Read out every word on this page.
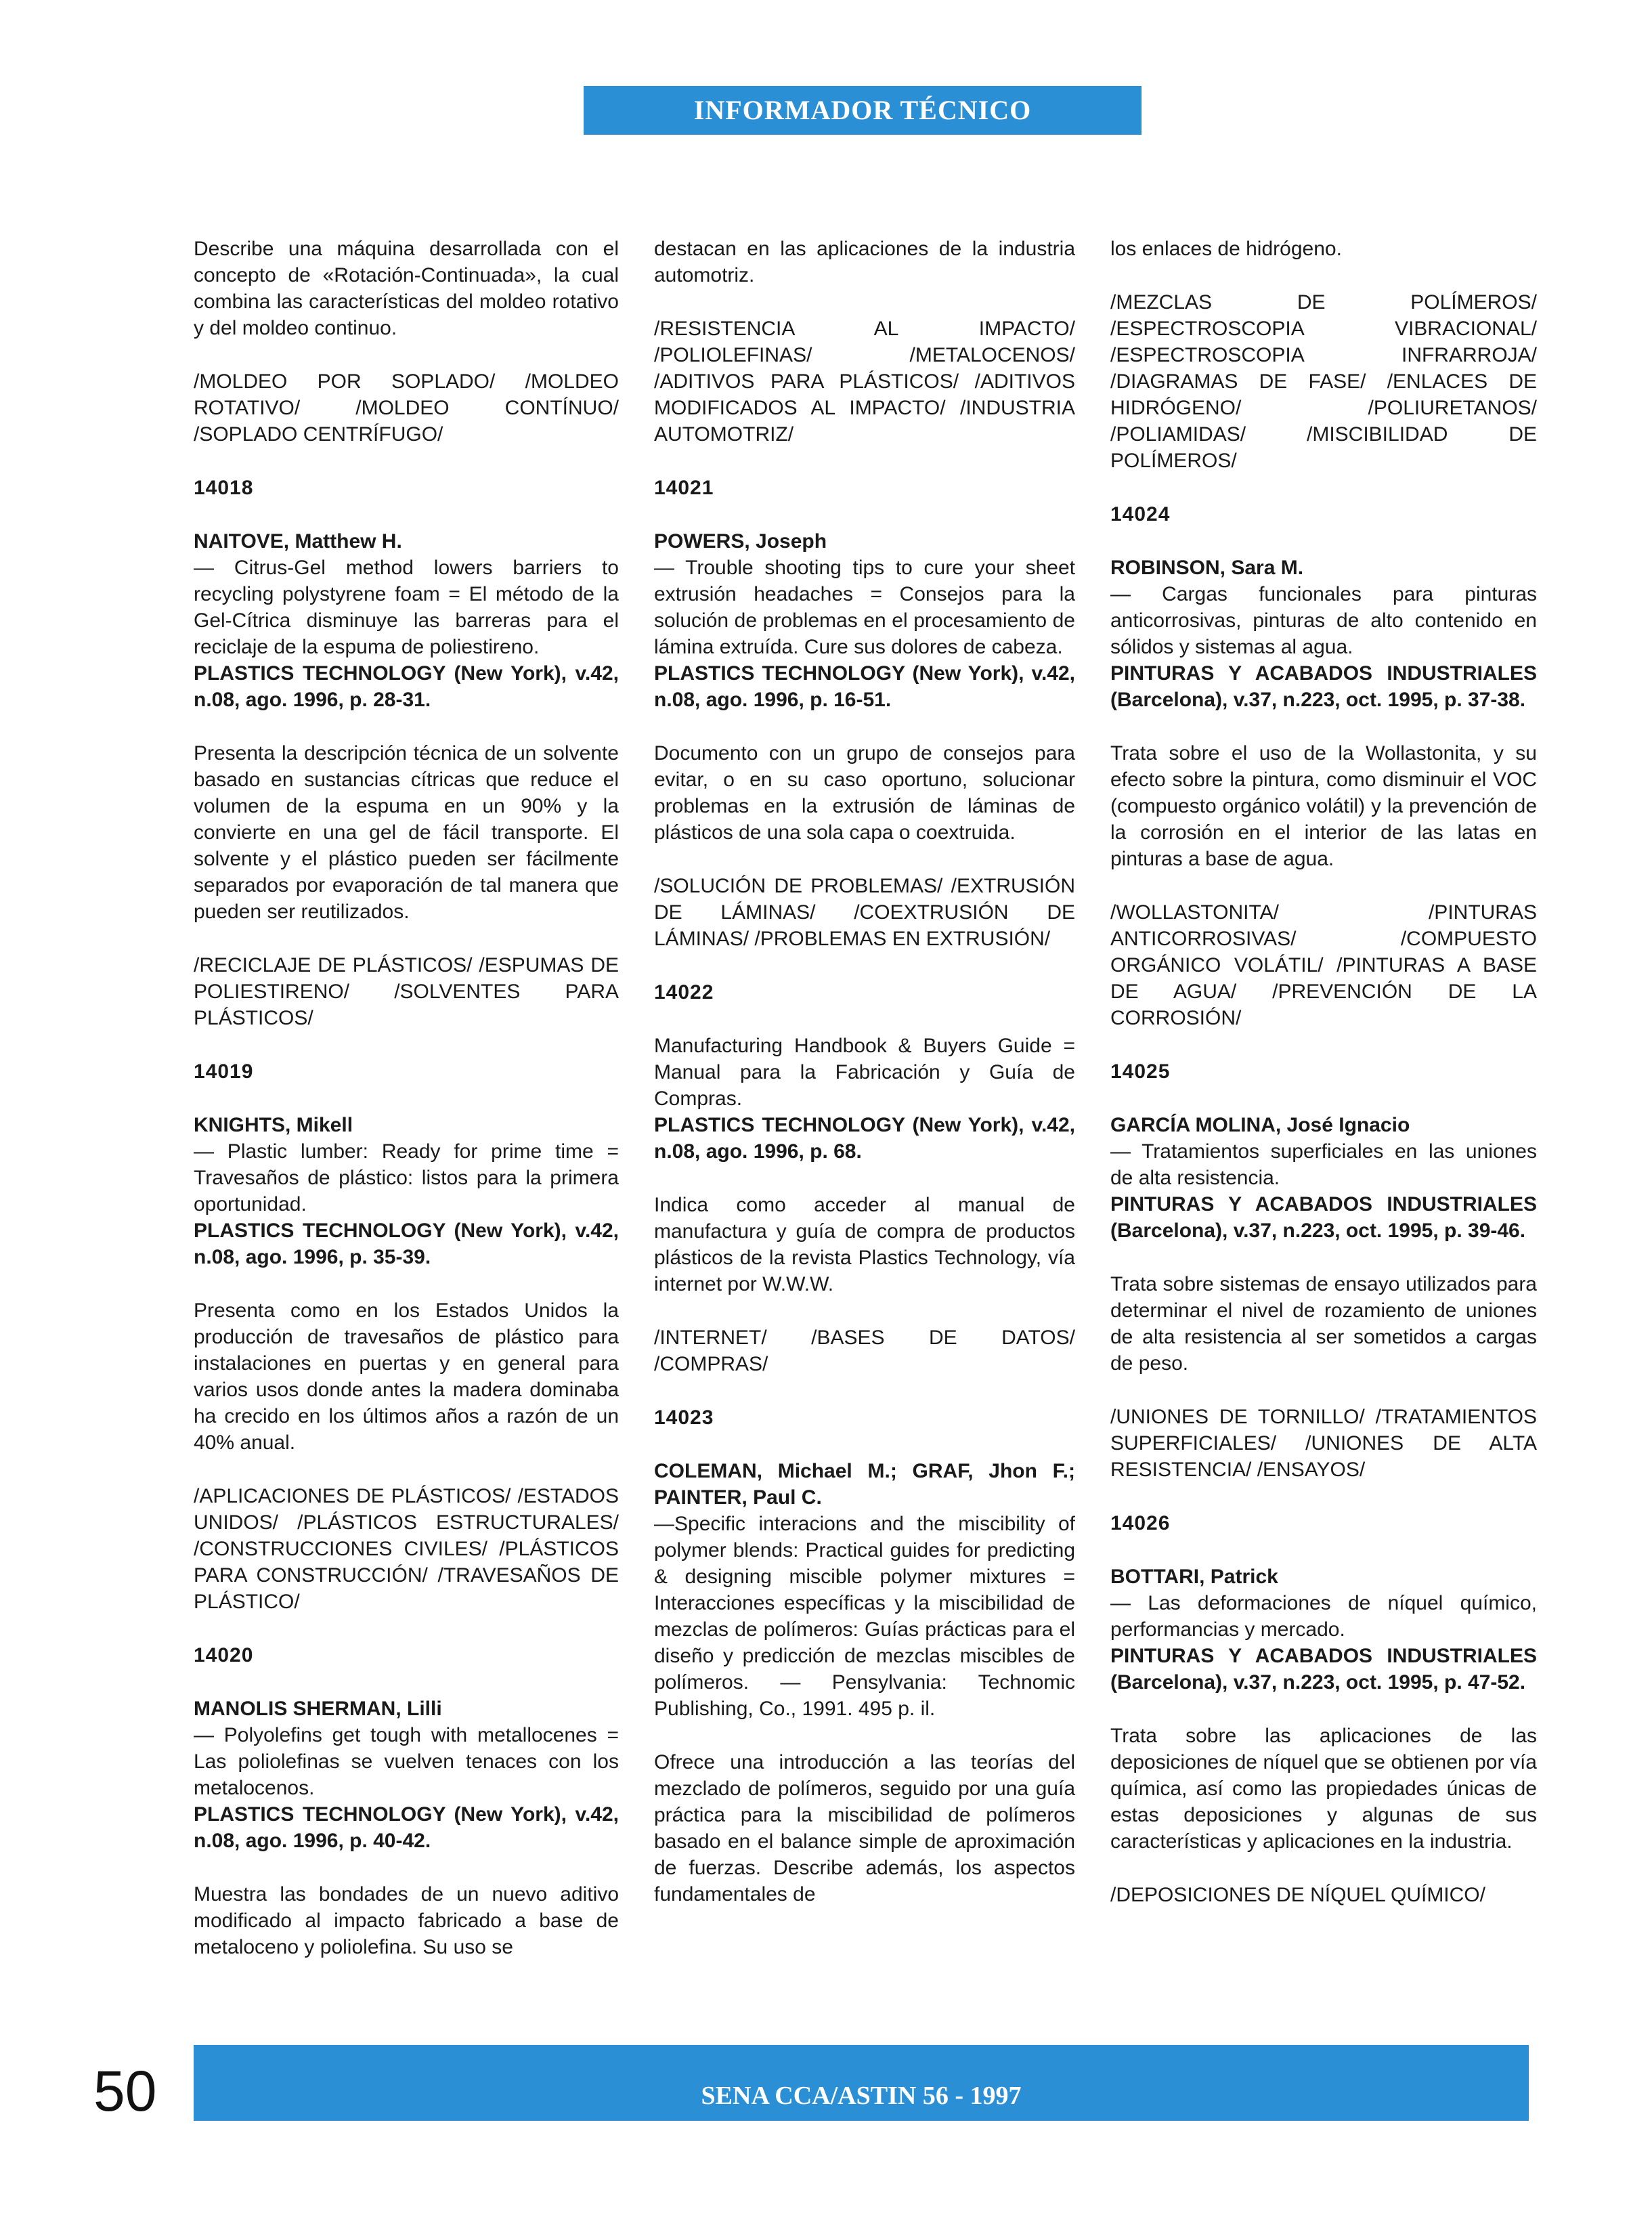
INFORMADOR TÉCNICO

Describe una máquina desarrollada con el concepto de «Rotación-Continuada», la cual combina las características del moldeo rotativo y del moldeo continuo.

/MOLDEO POR SOPLADO/ /MOLDEO ROTATIVO/ /MOLDEO CONTÍNUO/ /SOPLADO CENTRÍFUGO/

14018

NAITOVE, Matthew H.

— Citrus-Gel method lowers barriers to recycling polystyrene foam = El método de la Gel-Cítrica disminuye las barreras para el reciclaje de la espuma de poliestireno.

PLASTICS TECHNOLOGY (New York), v.42, n.08, ago. 1996, p. 28-31.

Presenta la descripción técnica de un solvente basado en sustancias cítricas que reduce el volumen de la espuma en un 90% y la convierte en una gel de fácil transporte. El solvente y el plástico pueden ser fácilmente separados por evaporación de tal manera que pueden ser reutilizados.

/RECICLAJE DE PLÁSTICOS/ /ESPUMAS DE POLIESTIRENO/ /SOLVENTES PARA PLÁSTICOS/

14019

KNIGHTS, Mikell

— Plastic lumber: Ready for prime time = Travesaños de plástico: listos para la primera oportunidad.

PLASTICS TECHNOLOGY (New York), v.42, n.08, ago. 1996, p. 35-39.

Presenta como en los Estados Unidos la producción de travesaños de plástico para instalaciones en puertas y en general para varios usos donde antes la madera dominaba ha crecido en los últimos años a razón de un 40% anual.

/APLICACIONES DE PLÁSTICOS/ /ESTADOS UNIDOS/ /PLÁSTICOS ESTRUCTURALES/ /CONSTRUCCIONES CIVILES/ /PLÁSTICOS PARA CONSTRUCCIÓN/ /TRAVESAÑOS DE PLÁSTICO/

14020

MANOLIS SHERMAN, Lilli

— Polyolefins get tough with metallocenes = Las poliolefinas se vuelven tenaces con los metalocenos.

PLASTICS TECHNOLOGY (New York), v.42, n.08, ago. 1996, p. 40-42.

Muestra las bondades de un nuevo aditivo modificado al impacto fabricado a base de metaloceno y poliolefina. Su uso se

destacan en las aplicaciones de la industria automotriz.

/RESISTENCIA AL IMPACTO/ /POLIOLEFINAS/ /METALOCENOS/ /ADITIVOS PARA PLÁSTICOS/ /ADITIVOS MODIFICADOS AL IMPACTO/ /INDUSTRIA AUTOMOTRIZ/

14021

POWERS, Joseph

— Trouble shooting tips to cure your sheet extrusión headaches = Consejos para la solución de problemas en el procesamiento de lámina extruída. Cure sus dolores de cabeza.

PLASTICS TECHNOLOGY (New York), v.42, n.08, ago. 1996, p. 16-51.

Documento con un grupo de consejos para evitar, o en su caso oportuno, solucionar problemas en la extrusión de láminas de plásticos de una sola capa o coextruida.

/SOLUCIÓN DE PROBLEMAS/ /EXTRUSIÓN DE LÁMINAS/ /COEXTRUSIÓN DE LÁMINAS/ /PROBLEMAS EN EXTRUSIÓN/

14022

Manufacturing Handbook & Buyers Guide = Manual para la Fabricación y Guía de Compras.

PLASTICS TECHNOLOGY (New York), v.42, n.08, ago. 1996, p. 68.

Indica como acceder al manual de manufactura y guía de compra de productos plásticos de la revista Plastics Technology, vía internet por W.W.W.

/INTERNET/ /BASES DE DATOS/ /COMPRAS/

14023

COLEMAN, Michael M.; GRAF, Jhon F.; PAINTER, Paul C.

—Specific interacions and the miscibility of polymer blends: Practical guides for predicting & designing miscible polymer mixtures = Interacciones específicas y la miscibilidad de mezclas de polímeros: Guías prácticas para el diseño y predicción de mezclas miscibles de polímeros. — Pensylvania: Technomic Publishing, Co., 1991. 495 p. il.

Ofrece una introducción a las teorías del mezclado de polímeros, seguido por una guía práctica para la miscibilidad de polímeros basado en el balance simple de aproximación de fuerzas. Describe además, los aspectos fundamentales de

los enlaces de hidrógeno.

/MEZCLAS DE POLÍMEROS/ /ESPECTROSCOPIA VIBRACIONAL/ /ESPECTROSCOPIA INFRARROJA/ /DIAGRAMAS DE FASE/ /ENLACES DE HIDRÓGENO/ /POLIURETANOS/ /POLIAMIDAS/ /MISCIBILIDAD DE POLÍMEROS/

14024

ROBINSON, Sara M.

— Cargas funcionales para pinturas anticorrosivas, pinturas de alto contenido en sólidos y sistemas al agua.

PINTURAS Y ACABADOS INDUSTRIALES (Barcelona), v.37, n.223, oct. 1995, p. 37-38.

Trata sobre el uso de la Wollastonita, y su efecto sobre la pintura, como disminuir el VOC (compuesto orgánico volátil) y la prevención de la corrosión en el interior de las latas en pinturas a base de agua.

/WOLLASTONITA/ /PINTURAS ANTICORROSIVAS/ /COMPUESTO ORGÁNICO VOLÁTIL/ /PINTURAS A BASE DE AGUA/ /PREVENCIÓN DE LA CORROSIÓN/

14025

GARCÍA MOLINA, José Ignacio

— Tratamientos superficiales en las uniones de alta resistencia.

PINTURAS Y ACABADOS INDUSTRIALES (Barcelona), v.37, n.223, oct. 1995, p. 39-46.

Trata sobre sistemas de ensayo utilizados para determinar el nivel de rozamiento de uniones de alta resistencia al ser sometidos a cargas de peso.

/UNIONES DE TORNILLO/ /TRATAMIENTOS SUPERFICIALES/ /UNIONES DE ALTA RESISTENCIA/ /ENSAYOS/

14026

BOTTARI, Patrick

— Las deformaciones de níquel químico, performancias y mercado.

PINTURAS Y ACABADOS INDUSTRIALES (Barcelona), v.37, n.223, oct. 1995, p. 47-52.

Trata sobre las aplicaciones de las deposiciones de níquel que se obtienen por vía química, así como las propiedades únicas de estas deposiciones y algunas de sus características y aplicaciones en la industria.

/DEPOSICIONES DE NÍQUEL QUÍMICO/

50	SENA CCA/ASTIN 56 - 1997
